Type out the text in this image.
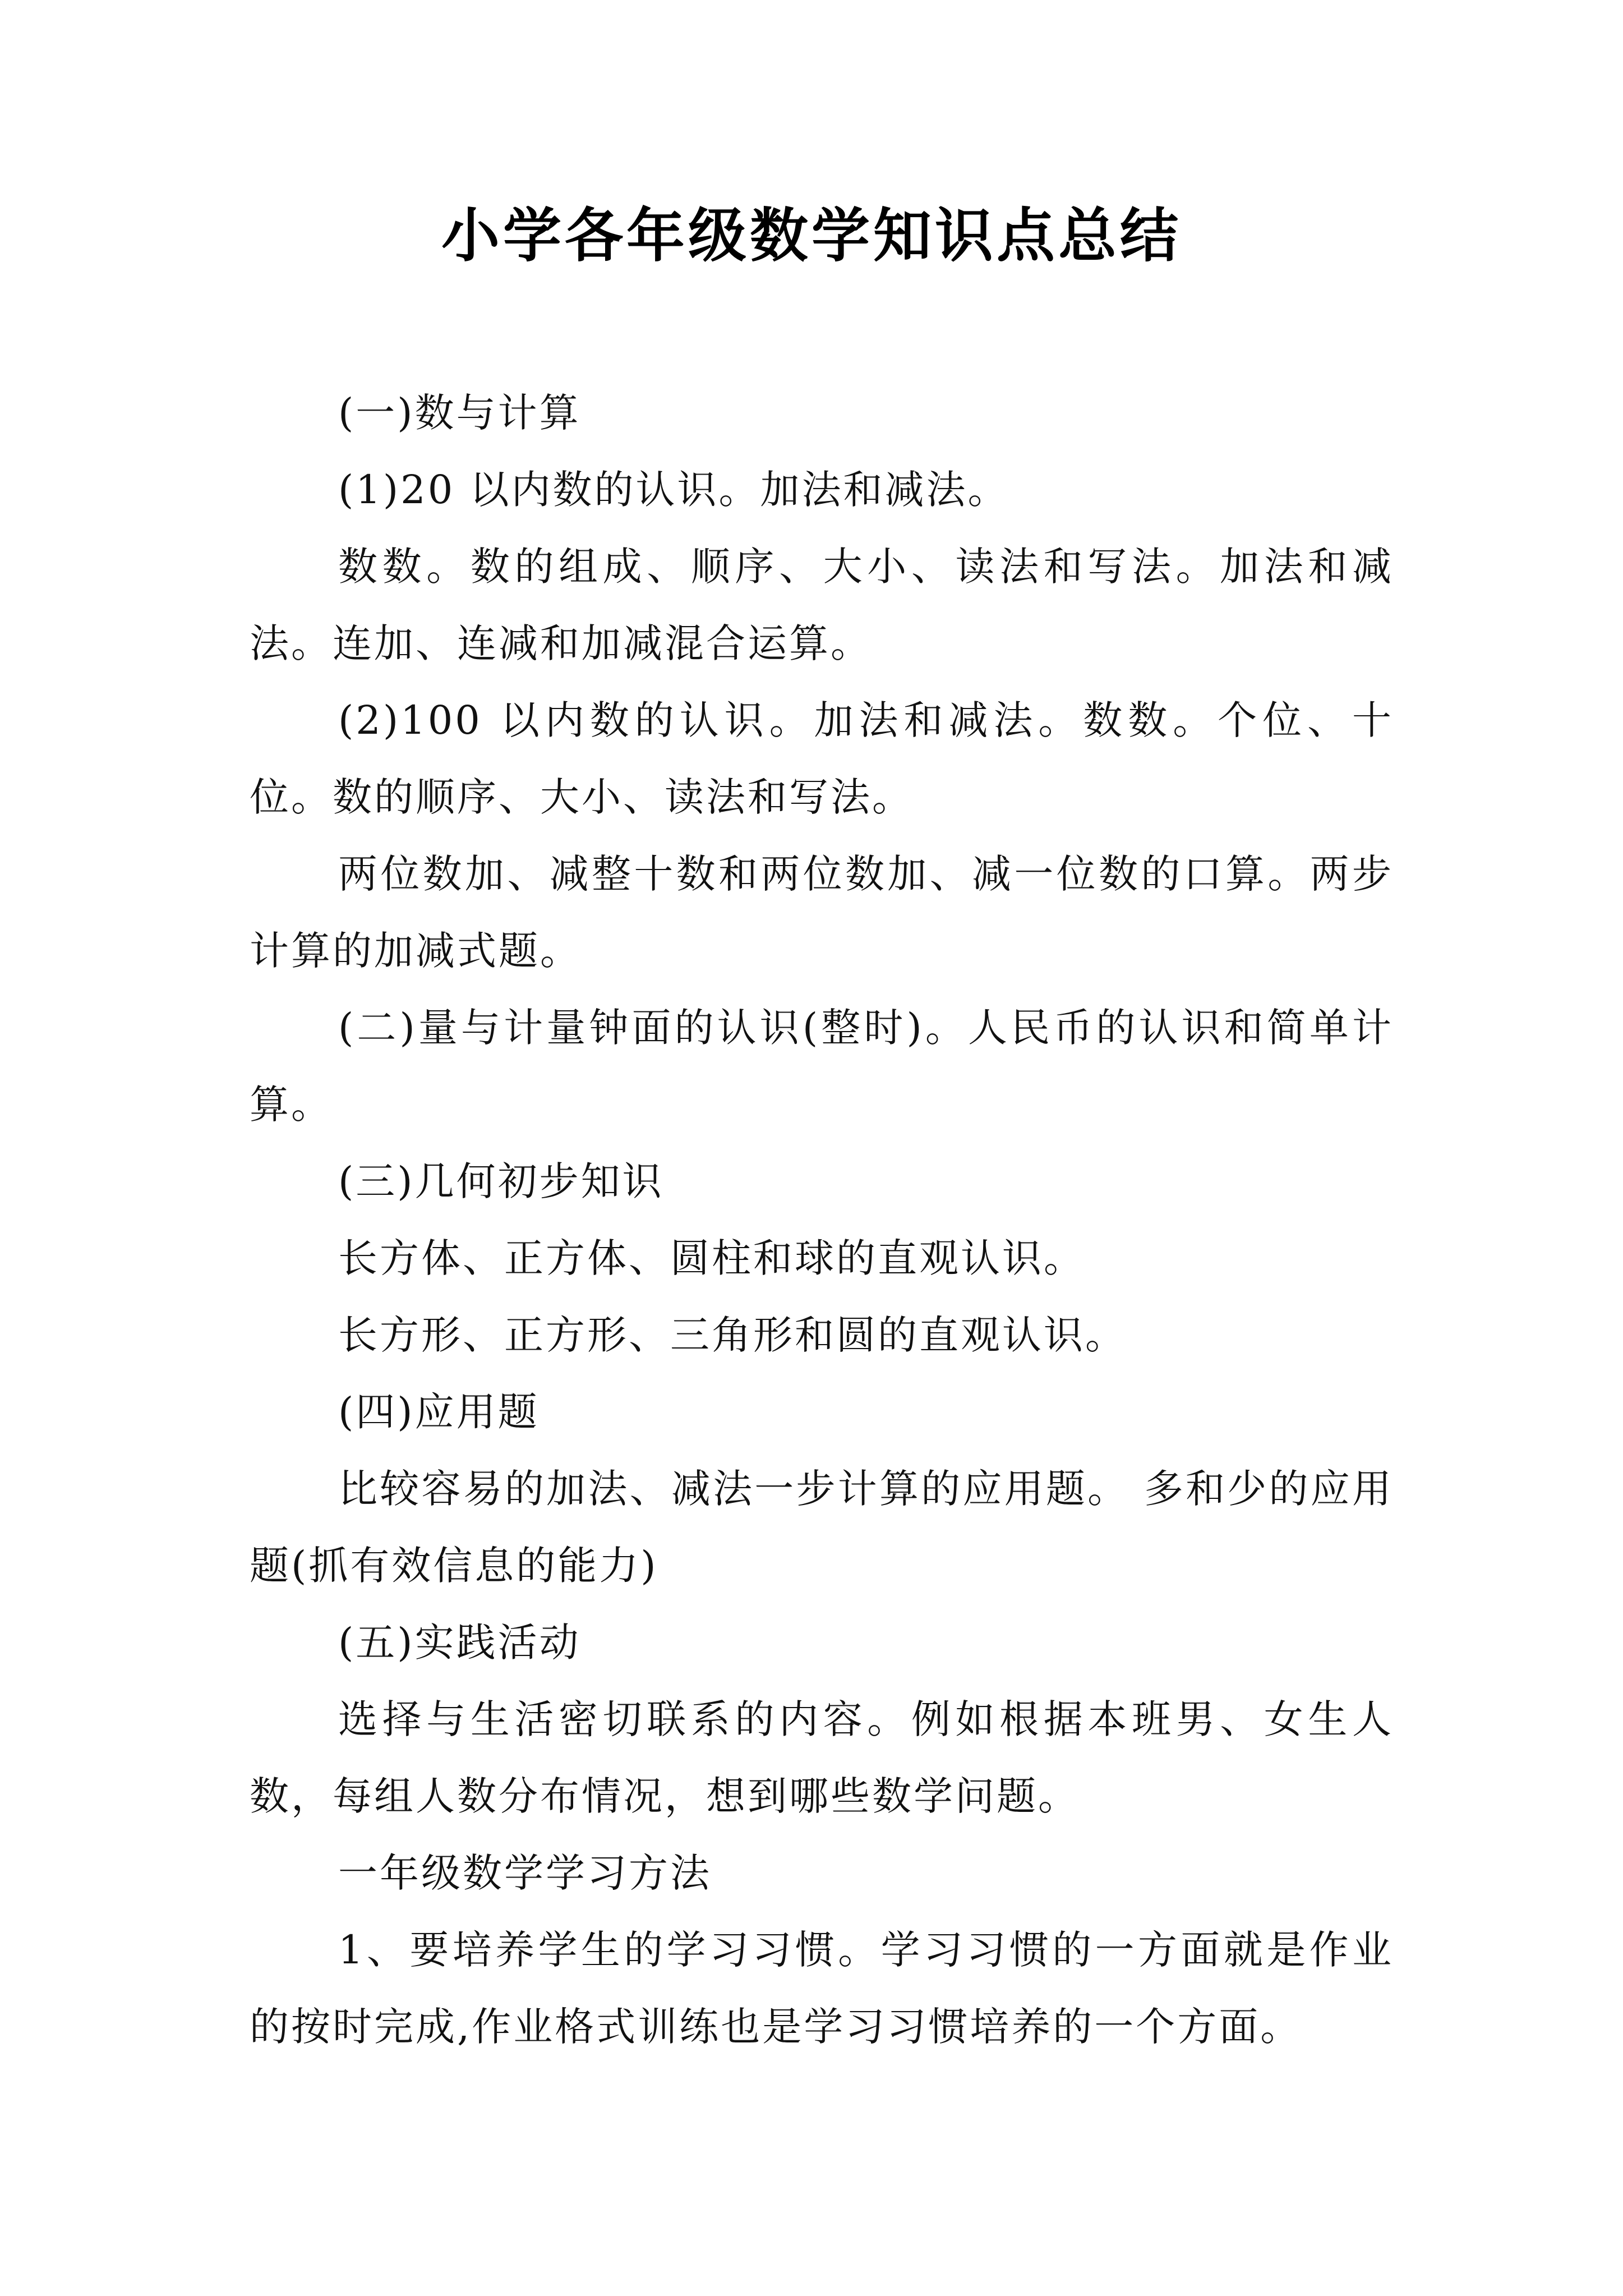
小学各年级数学知识点总结

(一)数与计算

(1)20 以内数的认识。加法和减法。

数数。数的组成、顺序、大小、读法和写法。加法和减法。连加、连减和加减混合运算。

(2)100 以内数的认识。加法和减法。数数。个位、十位。数的顺序、大小、读法和写法。

两位数加、减整十数和两位数加、减一位数的口算。两步计算的加减式题。

(二)量与计量钟面的认识(整时)。人民币的认识和简单计算。

(三)几何初步知识

长方体、正方体、圆柱和球的直观认识。

长方形、正方形、三角形和圆的直观认识。

(四)应用题

比较容易的加法、减法一步计算的应用题。 多和少的应用题(抓有效信息的能力)

(五)实践活动

选择与生活密切联系的内容。例如根据本班男、女生人数，每组人数分布情况，想到哪些数学问题。

一年级数学学习方法

1、要培养学生的学习习惯。学习习惯的一方面就是作业的按时完成,作业格式训练也是学习习惯培养的一个方面。
